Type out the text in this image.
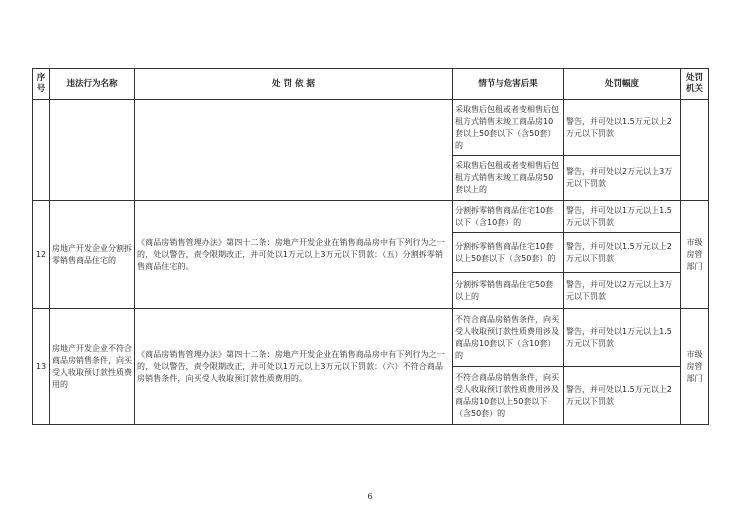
序号	违法行为名称	处 罚 依 据	情节与危害后果	处罚幅度	处罚机关
			采取售后包租或者变相售后包租方式销售未竣工商品房10套以上50套以下（含50套）的	警告，并可处以1.5万元以上2万元以下罚款	
			采取售后包租或者变相售后包租方式销售未竣工商品房50套以上的	警告，并可处以2万元以上3万元以下罚款	
12	房地产开发企业分割拆零销售商品住宅的	《商品房销售管理办法》第四十二条：房地产开发企业在销售商品房中有下列行为之一的，处以警告，责令限期改正，并可处以1万元以上3万元以下罚款：（五）分割拆零销售商品住宅的。	分割拆零销售商品住宅10套以下（含10套）的	警告，并可处以1万元以上1.5万元以下罚款	市级房管部门
			分割拆零销售商品住宅10套以上50套以下（含50套）的	警告，并可处以1.5万元以上2万元以下罚款	
			分割拆零销售商品住宅50套以上的	警告，并可处以2万元以上3万元以下罚款	
13	房地产开发企业不符合商品房销售条件，向买受人收取预订款性质费用的	《商品房销售管理办法》第四十二条：房地产开发企业在销售商品房中有下列行为之一的，处以警告，责令限期改正，并可处以1万元以上3万元以下罚款：（六）不符合商品房销售条件，向买受人收取预订款性质费用的。	不符合商品房销售条件，向买受人收取预订款性质费用涉及商品房10套以下（含10套）的	警告，并可处以1万元以上1.5万元以下罚款	市级房管部门
			不符合商品房销售条件，向买受人收取预订款性质费用涉及商品房10套以上50套以下（含50套）的	警告，并可处以1.5万元以上2万元以下罚款	
6
